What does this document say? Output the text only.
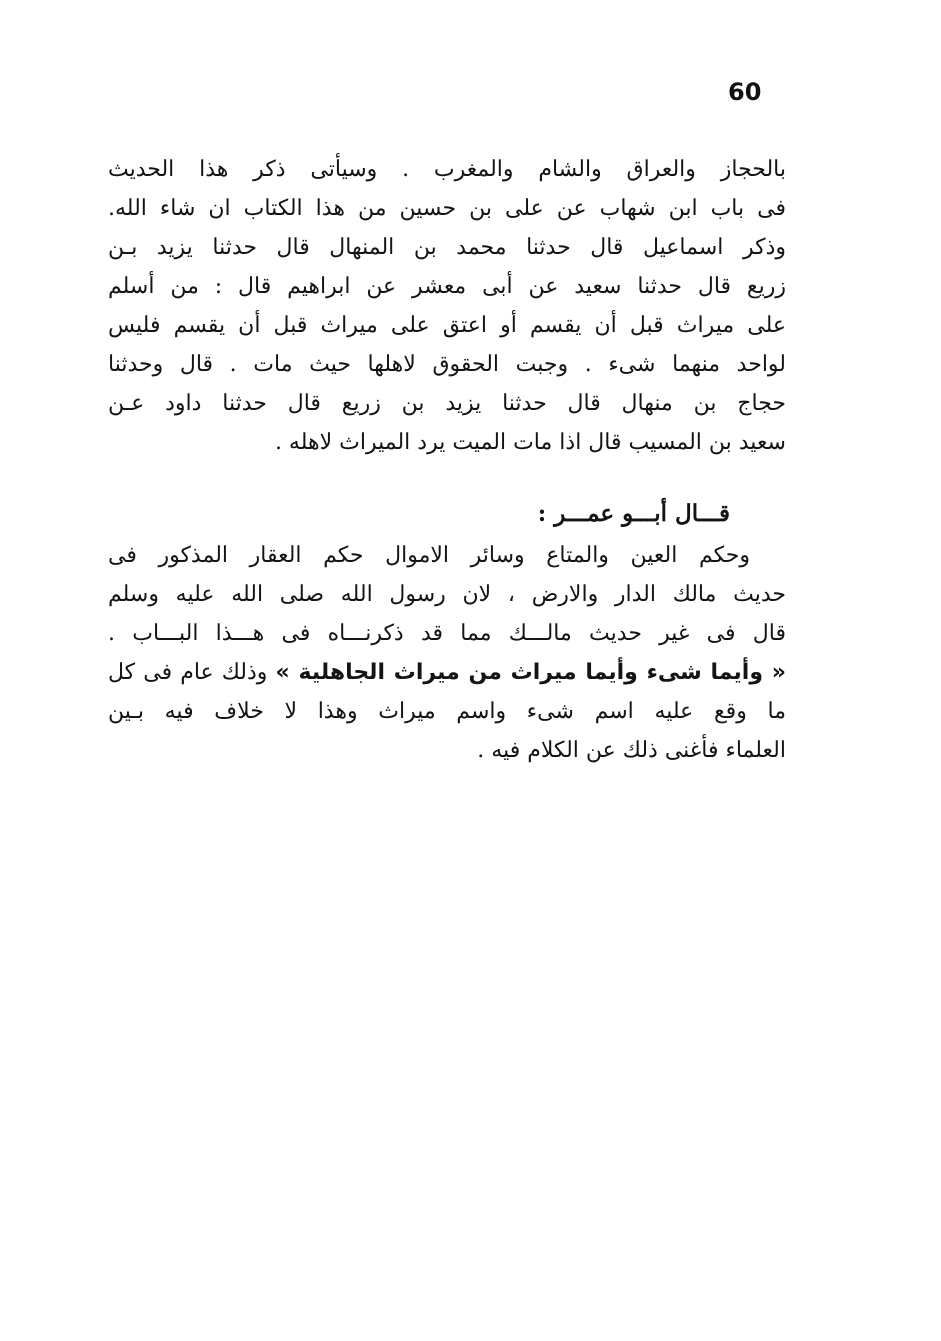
60
بالحجاز والعراق والشام والمغرب . وسيأتى ذكر هذا الحديث
فى باب ابن شهاب عن على بن حسين من هذا الكتاب ان شاء الله.
وذكر اسماعيل قال حدثنا محمد بن المنهال قال حدثنا يزيد بـن
زريع قال حدثنا سعيد عن أبى معشر عن ابراهيم قال : من أسلم
على ميراث قبل أن يقسم أو اعتق على ميراث قبل أن يقسم فليس
لواحد منهما شىء . وجبت الحقوق لاهلها حيث مات . قال وحدثنا
حجاج بن منهال قال حدثنا يزيد بن زريع قال حدثنا داود عـن
سعيد بن المسيب قال اذا مات الميت يرد الميراث لاهله .
قـــال أبـــو عمـــر :
وحكم العين والمتاع وسائر الاموال حكم العقار المذكور فى
حديث مالك الدار والارض ، لان رسول الله صلى الله عليه وسلم
قال فى غير حديث مالـــك مما قد ذكرنـــاه فى هـــذا البـــاب .
« وأيما شىء وأيما ميراث من ميراث الجاهلية » وذلك عام فى كل
ما وقع عليه اسم شىء واسم ميراث وهذا لا خلاف فيه بـين
العلماء فأغنى ذلك عن الكلام فيه .
